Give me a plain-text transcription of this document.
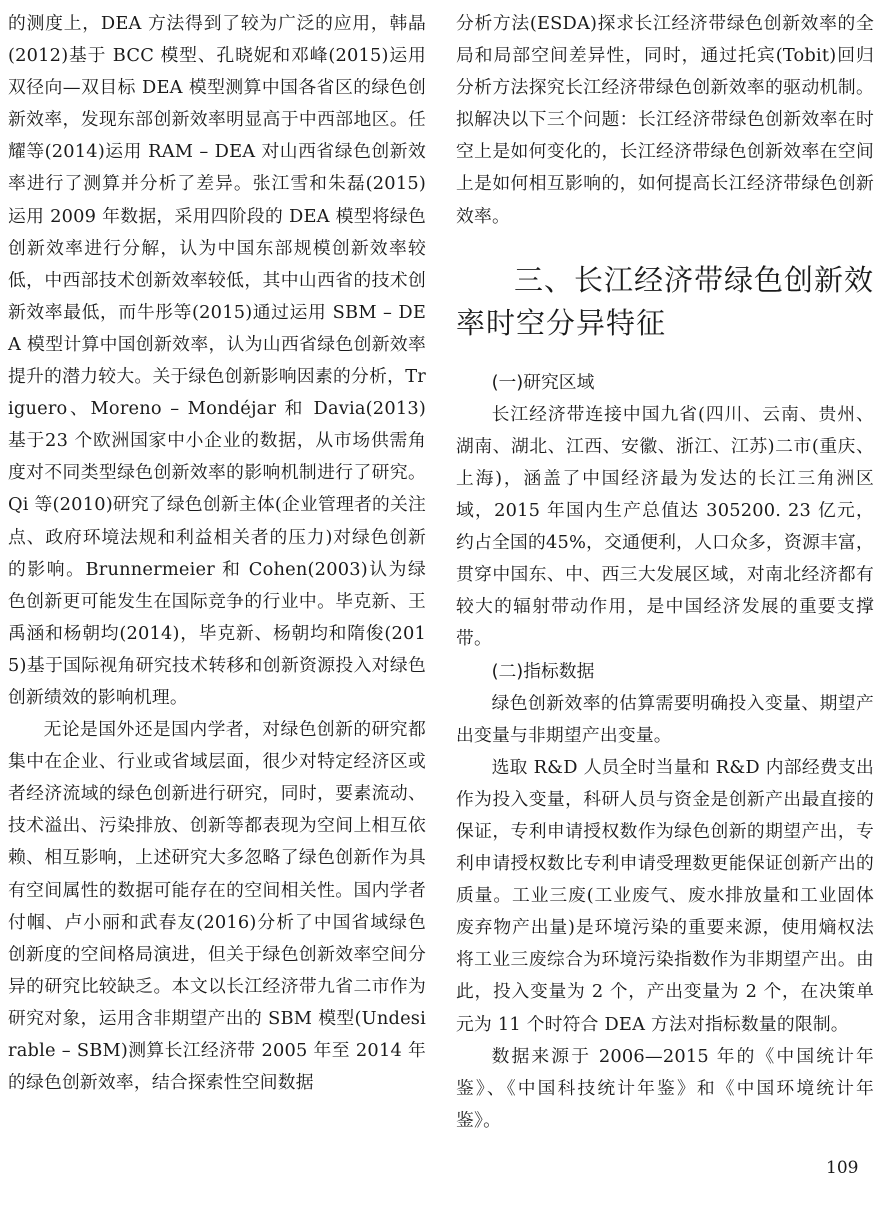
的测度上，DEA 方法得到了较为广泛的应用，韩晶(2012)基于 BCC 模型、孔晓妮和邓峰(2015)运用双径向—双目标 DEA 模型测算中国各省区的绿色创新效率，发现东部创新效率明显高于中西部地区。任耀等(2014)运用 RAM – DEA 对山西省绿色创新效率进行了测算并分析了差异。张江雪和朱磊(2015)运用 2009 年数据，采用四阶段的 DEA 模型将绿色创新效率进行分解，认为中国东部规模创新效率较低，中西部技术创新效率较低，其中山西省的技术创新效率最低，而牛彤等(2015)通过运用 SBM – DEA 模型计算中国创新效率，认为山西省绿色创新效率提升的潜力较大。关于绿色创新影响因素的分析，Triguero、Moreno – Mondéjar 和 Davia(2013)基于23 个欧洲国家中小企业的数据，从市场供需角度对不同类型绿色创新效率的影响机制进行了研究。Qi 等(2010)研究了绿色创新主体(企业管理者的关注点、政府环境法规和利益相关者的压力)对绿色创新的影响。Brunnermeier 和 Cohen(2003)认为绿色创新更可能发生在国际竞争的行业中。毕克新、王禹涵和杨朝均(2014)，毕克新、杨朝均和隋俊(2015)基于国际视角研究技术转移和创新资源投入对绿色创新绩效的影响机理。

无论是国外还是国内学者，对绿色创新的研究都集中在企业、行业或省域层面，很少对特定经济区或者经济流域的绿色创新进行研究，同时，要素流动、技术溢出、污染排放、创新等都表现为空间上相互依赖、相互影响，上述研究大多忽略了绿色创新作为具有空间属性的数据可能存在的空间相关性。国内学者付帼、卢小丽和武春友(2016)分析了中国省域绿色创新度的空间格局演进，但关于绿色创新效率空间分异的研究比较缺乏。本文以长江经济带九省二市作为研究对象，运用含非期望产出的 SBM 模型(Undesirable – SBM)测算长江经济带 2005 年至 2014 年的绿色创新效率，结合探索性空间数据

分析方法(ESDA)探求长江经济带绿色创新效率的全局和局部空间差异性，同时，通过托宾(Tobit)回归分析方法探究长江经济带绿色创新效率的驱动机制。拟解决以下三个问题：长江经济带绿色创新效率在时空上是如何变化的，长江经济带绿色创新效率在空间上是如何相互影响的，如何提高长江经济带绿色创新效率。

三、长江经济带绿色创新效率时空分异特征

(一)研究区域

长江经济带连接中国九省(四川、云南、贵州、湖南、湖北、江西、安徽、浙江、江苏)二市(重庆、上海)，涵盖了中国经济最为发达的长江三角洲区域，2015 年国内生产总值达 305200. 23 亿元，约占全国的45%，交通便利，人口众多，资源丰富，贯穿中国东、中、西三大发展区域，对南北经济都有较大的辐射带动作用，是中国经济发展的重要支撑带。

(二)指标数据

绿色创新效率的估算需要明确投入变量、期望产出变量与非期望产出变量。

选取 R&D 人员全时当量和 R&D 内部经费支出作为投入变量，科研人员与资金是创新产出最直接的保证，专利申请授权数作为绿色创新的期望产出，专利申请授权数比专利申请受理数更能保证创新产出的质量。工业三废(工业废气、废水排放量和工业固体废弃物产出量)是环境污染的重要来源，使用熵权法将工业三废综合为环境污染指数作为非期望产出。由此，投入变量为 2 个，产出变量为 2 个，在决策单元为 11 个时符合 DEA 方法对指标数量的限制。

数据来源于 2006—2015 年的《中国统计年鉴》、《中国科技统计年鉴》和《中国环境统计年鉴》。

109
